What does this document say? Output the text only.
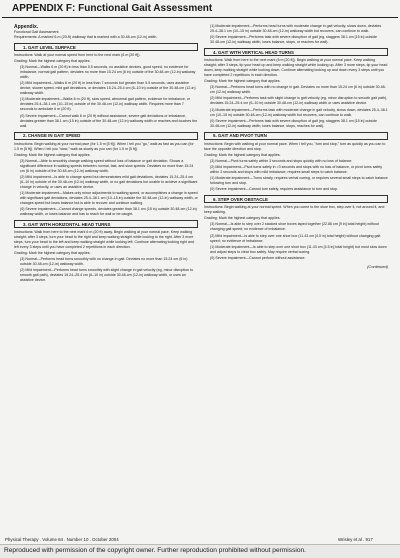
APPENDIX F: Functional Gait Assessment

Appendix.

Functional Gait Assessment

Requirements: A marked 6-m (20-ft) walkway that is marked with a 30.48-cm (12-in) width.

1. GAIT LEVEL SURFACE

Instructions: Walk at your normal speed from here to the next mark (6 m [20 ft]).

Grading: Mark the highest category that applies.

(3) Normal—Walks 6 m (20 ft) in less than 5.5 seconds, no assistive devices, good speed, no evidence for imbalance, normal gait pattern, deviates no more than 15.24 cm (6 in) outside of the 30.48-cm (12-in) walkway width.

(2) Mild impairment—Walks 6 m (20 ft) in less than 7 seconds but greater than 5.5 seconds, uses assistive device, slower speed, mild gait deviations, or deviates 15.24–25.4 cm (6–10 in) outside of the 30.48-cm (12-in) walkway width.

(1) Moderate impairment—Walks 6 m (20 ft), slow speed, abnormal gait pattern, evidence for imbalance, or deviates 25.4–38.1 cm (10–15 in) outside of the 30.48-cm (12-in) walkway width. Requires more than 7 seconds to ambulate 6 m (20 ft).

(0) Severe impairment—Cannot walk 6 m (20 ft) without assistance, severe gait deviations or imbalance, deviates greater than 38.1 cm (15 in) outside of the 30.48-cm (12-in) walkway width or reaches and touches the wall.

2. CHANGE IN GAIT SPEED

Instructions: Begin walking at your normal pace (for 1.5 m [5 ft]). When I tell you "go," walk as fast as you can (for 1.5 m [5 ft]). When I tell you "slow," walk as slowly as you can (for 1.5 m [5 ft]).

Grading: Mark the highest category that applies.

(3) Normal—Able to smoothly change walking speed without loss of balance or gait deviation. Shows a significant difference in walking speeds between normal, fast, and slow speeds. Deviates no more than 15.24 cm (6 in) outside of the 30.48-cm (12-in) walkway width.

(2) Mild impairment—Is able to change speed but demonstrates mild gait deviations, deviates 15.24–25.4 cm (6–10 in) outside of the 30.48-cm (12-in) walkway width, or no gait deviations but unable to achieve a significant change in velocity, or uses an assistive device.

(1) Moderate impairment—Makes only minor adjustments to walking speed, or accomplishes a change in speed with significant gait deviations, deviates 25.4–38.1 cm (10–15 in) outside the 30.48-cm (12-in) walkway width, or changes speed but loses balance but is able to recover and continue walking.

(0) Severe impairment—Cannot change speeds, deviates greater than 38.1 cm (15 in) outside 30.48-cm (12-in) walkway width, or loses balance and has to reach for wall or be caught.

3. GAIT WITH HORIZONTAL HEAD TURNS

Instructions: Walk from here to the next mark 6 m (20 ft) away. Begin walking at your normal pace. Keep walking straight; after 3 steps, turn your head to the right and keep walking straight while looking to the right. After 3 more steps, turn your head to the left and keep walking straight while looking left. Continue alternating looking right and left every 3 steps until you have completed 2 repetitions in each direction.

Grading: Mark the highest category that applies.

(3) Normal—Performs head turns smoothly with no change in gait. Deviates no more than 15.24 cm (6 in) outside 30.48-cm (12-in) walkway width.

(2) Mild impairment—Performs head turns smoothly with slight change in gait velocity (eg, minor disruption to smooth gait path), deviates 15.24–25.4 cm (6–10 in) outside 30.48-cm (12-in) walkway width, or uses an assistive device.

(1) Moderate impairment—Performs head turns with moderate change in gait velocity, slows down, deviates 25.4–38.1 cm (10–15 in) outside 30.48-cm (12-in) walkway width but recovers, can continue to walk.

(0) Severe impairment—Performs task with severe disruption of gait (eg, staggers 38.1 cm [15 in] outside 30.48-cm (12-in) walkway width, loses balance, stops, or reaches for wall).

4. GAIT WITH VERTICAL HEAD TURNS

Instructions: Walk from here to the next mark (6 m [20 ft]). Begin walking at your normal pace. Keep walking straight; after 3 steps, tip your head up and keep walking straight while looking up. After 3 more steps, tip your head down, keep walking straight while looking down. Continue alternating looking up and down every 3 steps until you have completed 2 repetitions in each direction.

Grading: Mark the highest category that applies.

(3) Normal—Performs head turns with no change in gait. Deviates no more than 15.24 cm (6 in) outside 30.48-cm (12-in) walkway width.

(2) Mild impairment—Performs task with slight change in gait velocity (eg, minor disruption to smooth gait path), deviates 15.24–25.4 cm (6–10 in) outside 30.48-cm (12-in) walkway width or uses assistive device.

(1) Moderate impairment—Performs task with moderate change in gait velocity, slows down, deviates 25.4–38.1 cm (10–15 in) outside 30.48-cm (12-in) walkway width but recovers, can continue to walk.

(0) Severe impairment—Performs task with severe disruption of gait (eg, staggers 38.1 cm [15 in] outside 30.48-cm (12-in) walkway width, loses balance, stops, reaches for wall).

5. GAIT AND PIVOT TURN

Instructions: Begin with walking at your normal pace. When I tell you, "turn and stop," turn as quickly as you can to face the opposite direction and stop.

Grading: Mark the highest category that applies.

(3) Normal—Pivot turns safely within 3 seconds and stops quickly with no loss of balance.

(2) Mild impairment—Pivot turns safely in >3 seconds and stops with no loss of balance, or pivot turns safely within 3 seconds and stops with mild imbalance, requires small steps to catch balance.

(1) Moderate impairment—Turns slowly, requires verbal cueing, or requires several small steps to catch balance following turn and stop.

(0) Severe impairment—Cannot turn safely, requires assistance to turn and stop.

6. STEP OVER OBSTACLE

Instructions: Begin walking at your normal speed. When you come to the shoe box, step over it, not around it, and keep walking.

Grading: Mark the highest category that applies.

(3) Normal—Is able to step over 2 stacked shoe boxes taped together (22.86 cm [9 in] total height) without changing gait speed; no evidence of imbalance.

(2) Mild impairment—Is able to step over one shoe box (11.43 cm [4.5 in] total height) without changing gait speed; no evidence of imbalance.

(1) Moderate impairment—Is able to step over one shoe box (11.43 cm [4.5 in] total height) but must slow down and adjust steps to clear box safely. May require verbal cueing.

(0) Severe impairment—Cannot perform without assistance.

(Continued)
Physical Therapy . Volume 84 . Number 10 . October 2004	Wrisley et al . 917
Reproduced with permission of the copyright owner. Further reproduction prohibited without permission.
